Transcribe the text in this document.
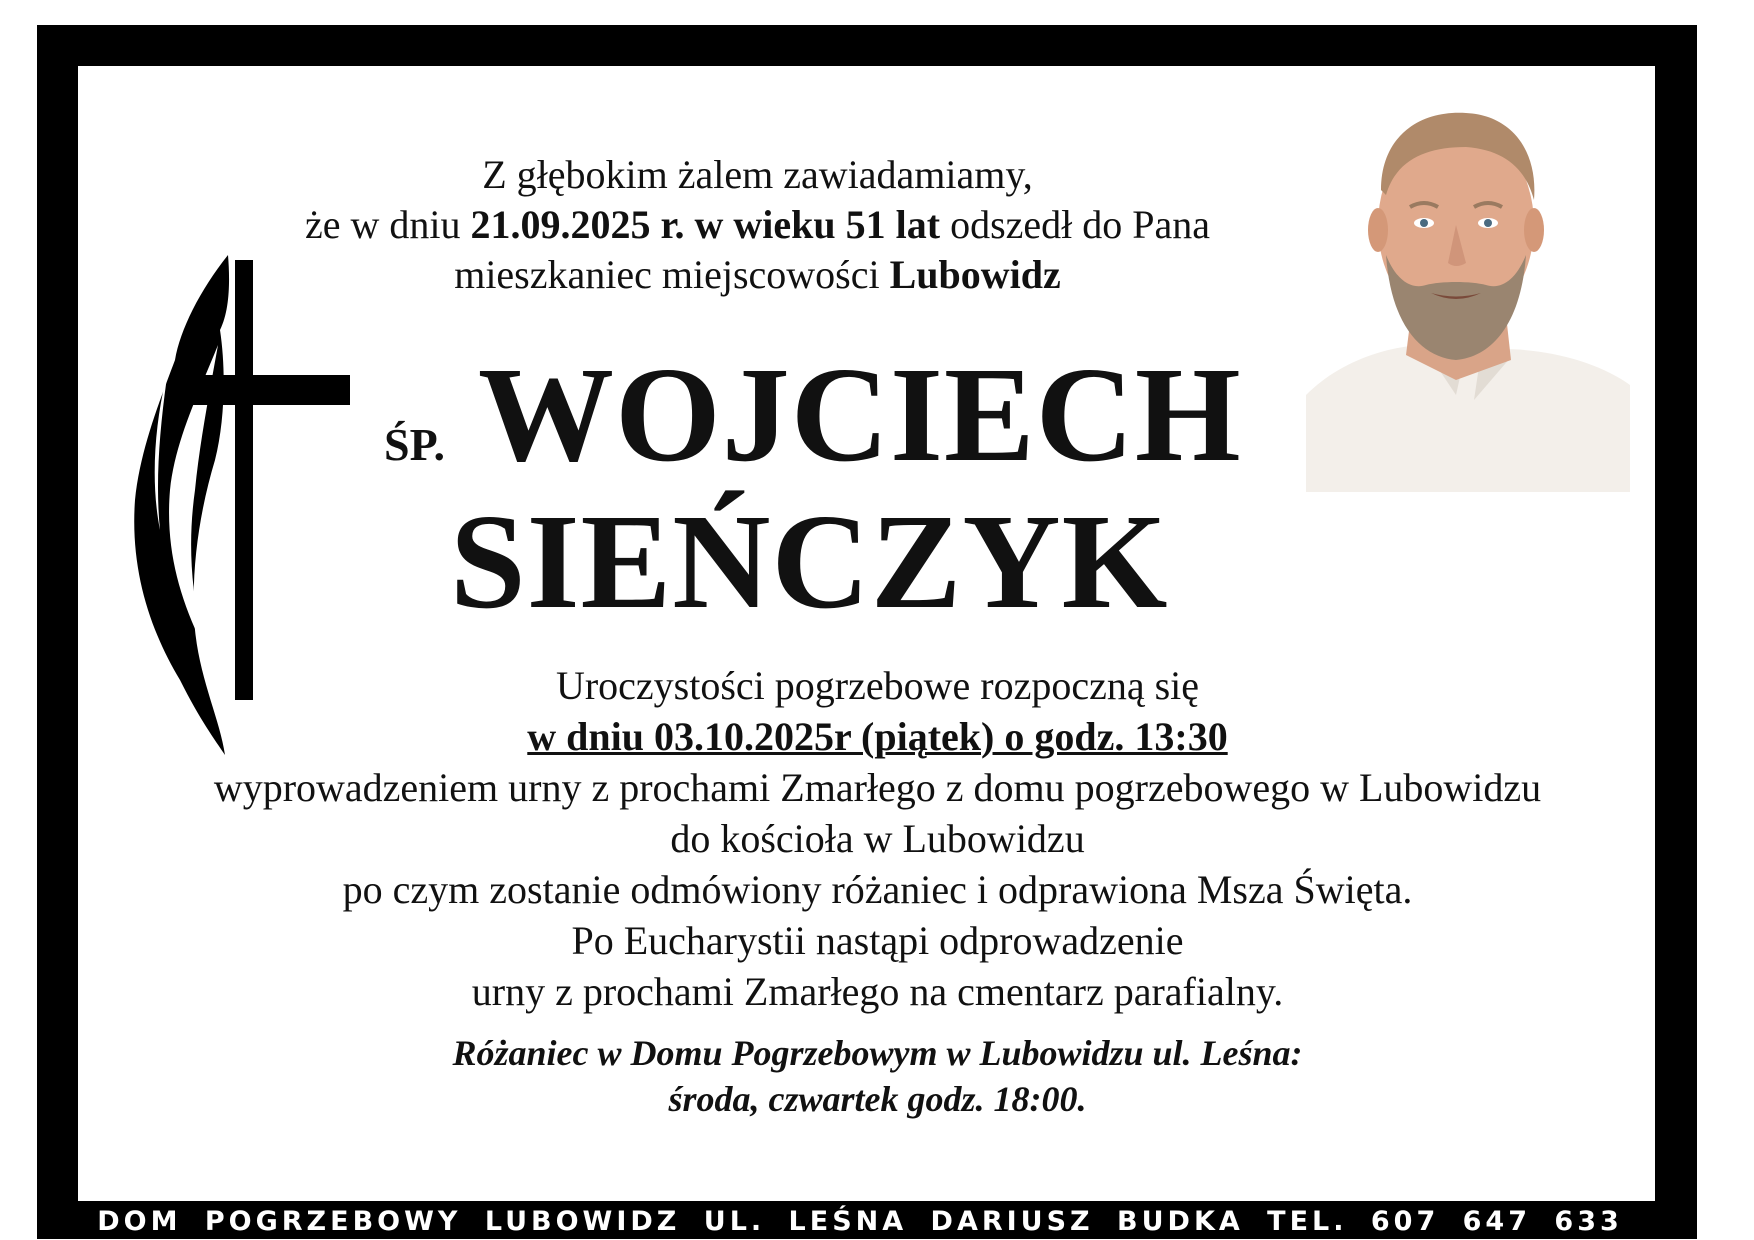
Z głębokim żalem zawiadamiamy,
że w dniu 21.09.2025 r. w wieku 51 lat odszedł do Pana
mieszkaniec miejscowości Lubowidz
ŚP. WOJCIECH
SIEŃCZYK
Uroczystości pogrzebowe rozpoczną się
w dniu 03.10.2025r (piątek) o godz. 13:30
wyprowadzeniem urny z prochami Zmarłego z domu pogrzebowego w Lubowidzu
do kościoła w Lubowidzu
po czym zostanie odmówiony różaniec i odprawiona Msza Święta.
Po Eucharystii nastąpi odprowadzenie
urny z prochami Zmarłego na cmentarz parafialny.
Różaniec w Domu Pogrzebowym w Lubowidzu ul. Leśna:
środa, czwartek godz. 18:00.
DOM POGRZEBOWY LUBOWIDZ UL. LEŚNA DARIUSZ BUDKA TEL. 607 647 633
